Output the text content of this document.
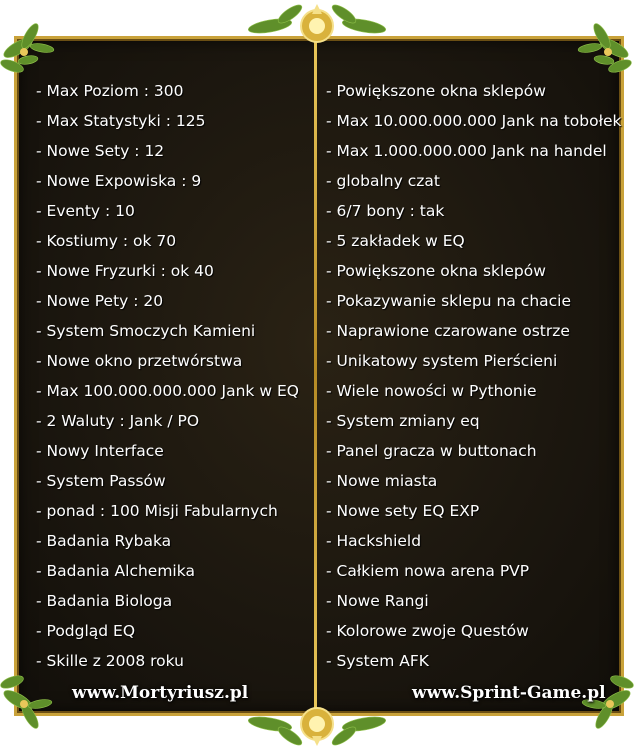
- Max Poziom : 300
- Max Statystyki : 125
- Nowe Sety : 12
- Nowe Expowiska : 9
- Eventy : 10
- Kostiumy : ok 70
- Nowe Fryzurki : ok 40
- Nowe Pety : 20
- System Smoczych Kamieni
- Nowe okno przetwórstwa
- Max 100.000.000.000 Jank w EQ
- 2 Waluty : Jank / PO
- Nowy Interface
- System Passów
- ponad : 100 Misji Fabularnych
- Badania Rybaka
- Badania Alchemika
- Badania Biologa
- Podgląd EQ
- Skille z 2008 roku
- Powiększone okna sklepów
- Max 10.000.000.000 Jank na tobołek
- Max 1.000.000.000 Jank na handel
- globalny czat
- 6/7 bony : tak
- 5 zakładek w EQ
- Powiększone okna sklepów
- Pokazywanie sklepu na chacie
- Naprawione czarowane ostrze
- Unikatowy system Pierścieni
- Wiele nowości w Pythonie
- System zmiany eq
- Panel gracza w buttonach
- Nowe miasta
- Nowe sety EQ EXP
- Hackshield
- Całkiem nowa arena PVP
- Nowe Rangi
- Kolorowe zwoje Questów
- System AFK
www.Mortyriusz.pl	www.Sprint-Game.pl
